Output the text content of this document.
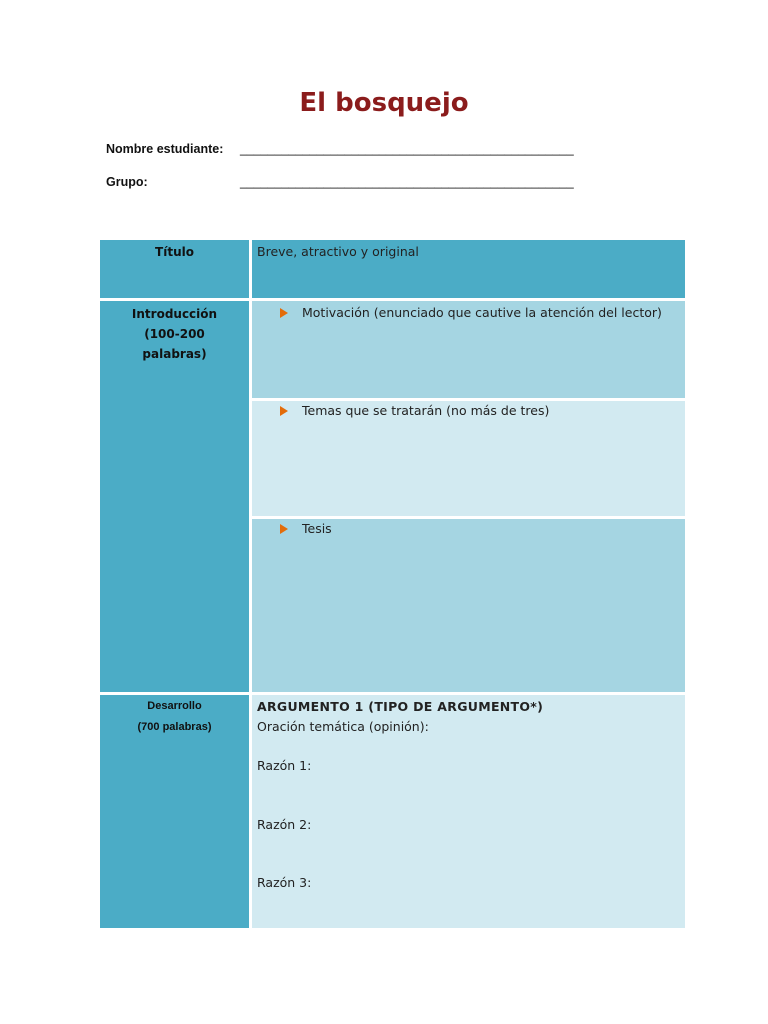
El bosquejo
Nombre estudiante: ________________________________________________
Grupo:	________________________________________________
Título	Breve, atractivo y original
Introducción
(100-200
palabras)
Motivación (enunciado que cautive la atención del lector)
Temas que se tratarán (no más de tres)
Tesis
Desarrollo
(700 palabras)
ARGUMENTO 1 (TIPO DE ARGUMENTO*)
Oración temática (opinión):
Razón 1:
Razón 2:
Razón 3:
